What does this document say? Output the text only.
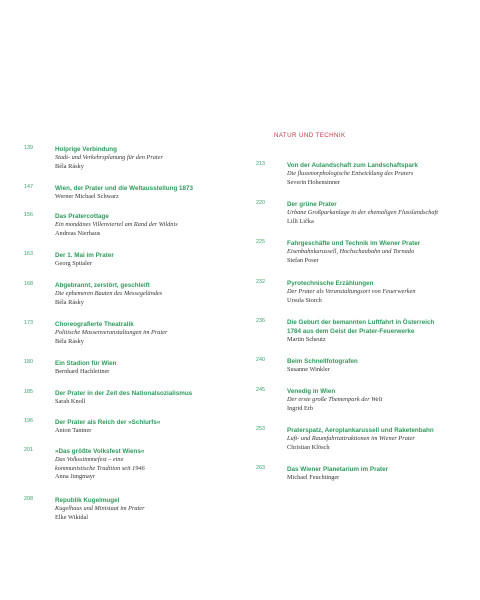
139	Holprige Verbindung
Stadt- und Verkehrsplanung für den Prater
Béla Rásky
147	Wien, der Prater und die Weltausstellung 1873
Werner Michael Schwarz
156	Das Pratercottage
Ein mondänes Villenviertel am Rand der Wildnis
Andreas Nierhaus
163	Der 1. Mai im Prater
Georg Spitaler
168	Abgebrannt, zerstört, geschleift
Die ephemeren Bauten des Messegeländes
Béla Rásky
173	Choreografierte Theatralik
Politische Massenveranstaltungen im Prater
Béla Rásky
180	Ein Stadion für Wien
Bernhard Hachleitner
185	Der Prater in der Zeit des Nationalsozialismus
Sarah Knoll
196	Der Prater als Reich der »Schlurfs«
Anton Tantner
201	»Das größte Volksfest Wiens«
Das Volksstimmefest – eine
kommunistische Tradition seit 1946
Anna Jungmayr
208	Republik Kugelmugel
Kugelhaus und Ministaat im Prater
Elke Wikidal
NATUR UND TECHNIK
213	Von der Aulandschaft zum Landschaftspark
Die flussmorphologische Entwicklung des Praters
Severin Hohensinner
220	Der grüne Prater
Urbane Großparkanlage in der ehemaligen Flusslandschaft
Lilli Lička
225	Fahrgeschäfte und Technik im Wiener Prater
Eisenbahnkarussell, Hochschaubahn und Tornado
Stefan Poser
232	Pyrotechnische Erzählungen
Der Prater als Veranstaltungsort von Feuerwerken
Ursula Storch
236	Die Geburt der bemannten Luftfahrt in Österreich
1784 aus dem Geist der Prater-Feuerwerke
Martin Scheutz
240	Beim Schnellfotografen
Susanne Winkler
245	Venedig in Wien
Der erste große Themenpark der Welt
Ingrid Erb
253	Praterspatz, Aeroplankarussell und Raketenbahn
Luft- und Raumfahrtattraktionen im Wiener Prater
Christian Klösch
263	Das Wiener Planetarium im Prater
Michael Feuchtinger
